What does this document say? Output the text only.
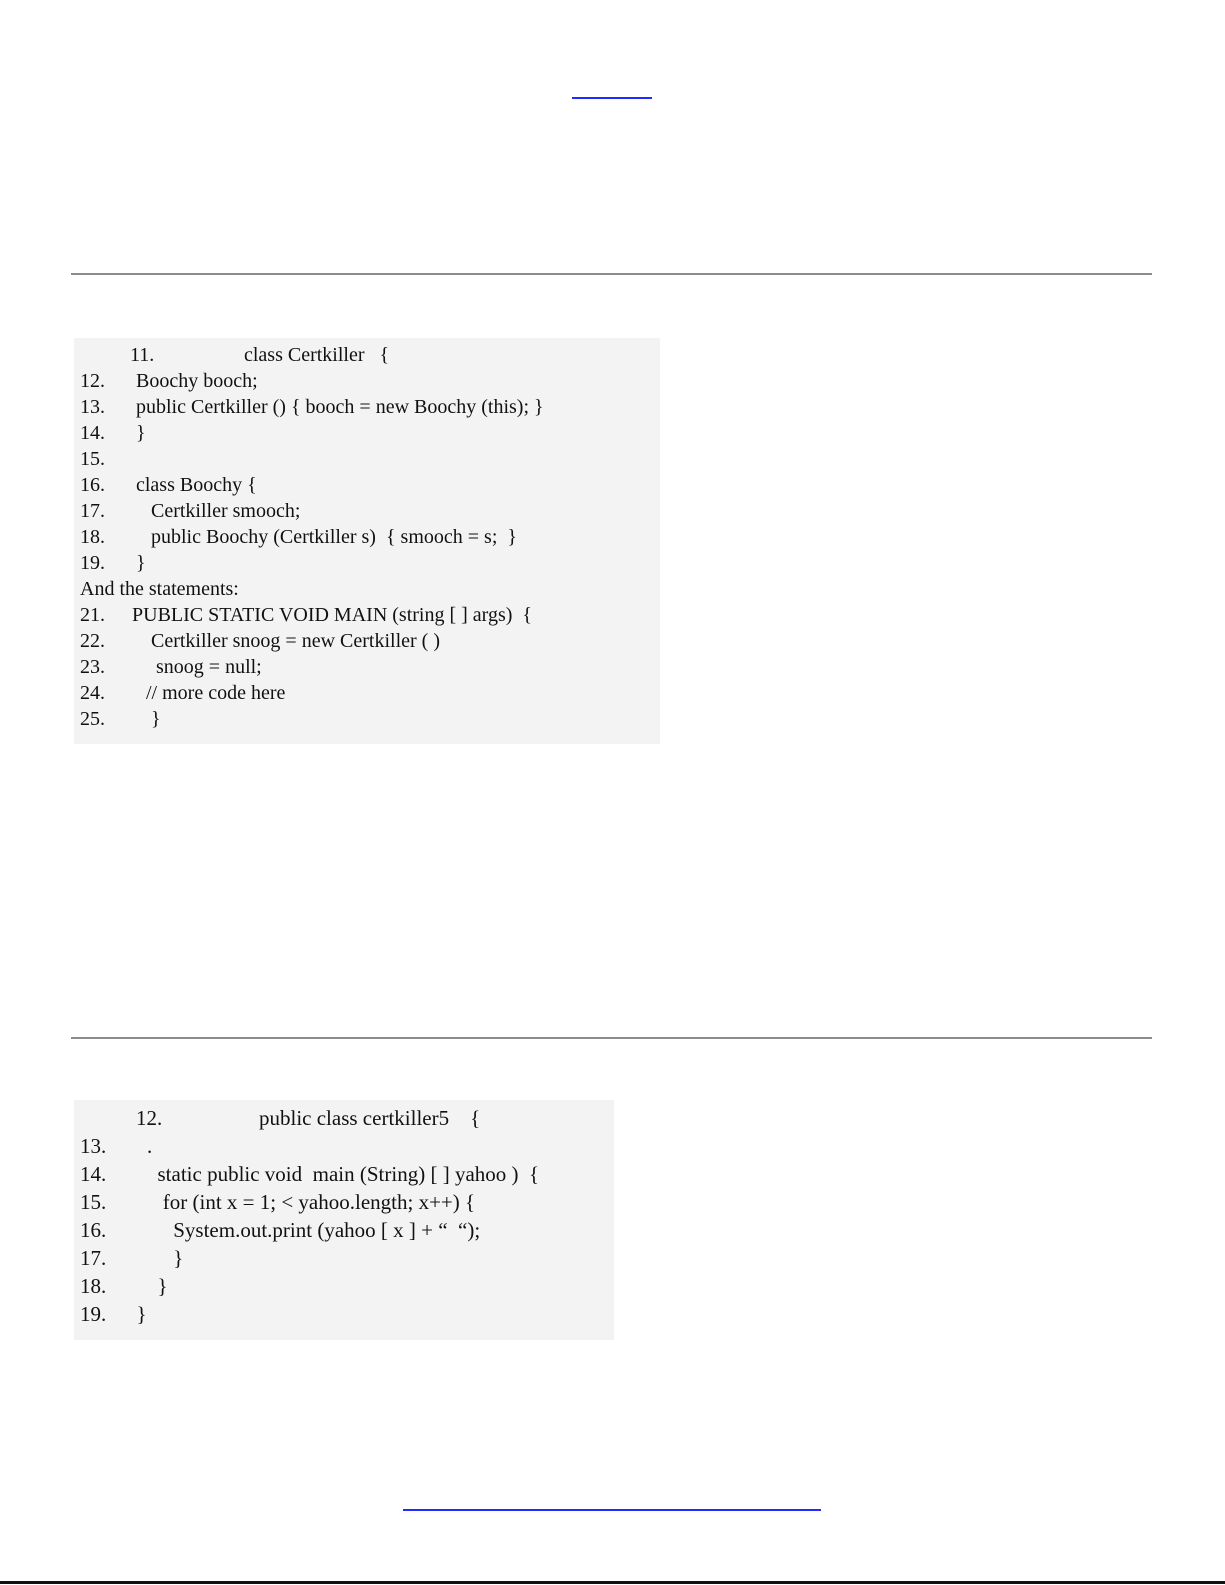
11.            class Certkiller   {
12.  Boochy booch;
13.  public Certkiller () { booch = new Boochy (this); }
14.  }
15.
16.  class Boochy {
17.     Certkiller smooch;
18.     public Boochy (Certkiller s)  { smooch = s;  }
19.  }
And the statements:
21. PUBLIC STATIC VOID MAIN (string [ ] args)  {
22.     Certkiller snoog = new Certkiller ( )
23.      snoog = null;
24.    // more code here
25.     }
12.            public class certkiller5    {
13.    .
14.      static public void  main (String) [ ] yahoo )  {
15.       for (int x = 1; < yahoo.length; x++) {
16.         System.out.print (yahoo [ x ] + “  “);
17.         }
18.      }
19.  }
